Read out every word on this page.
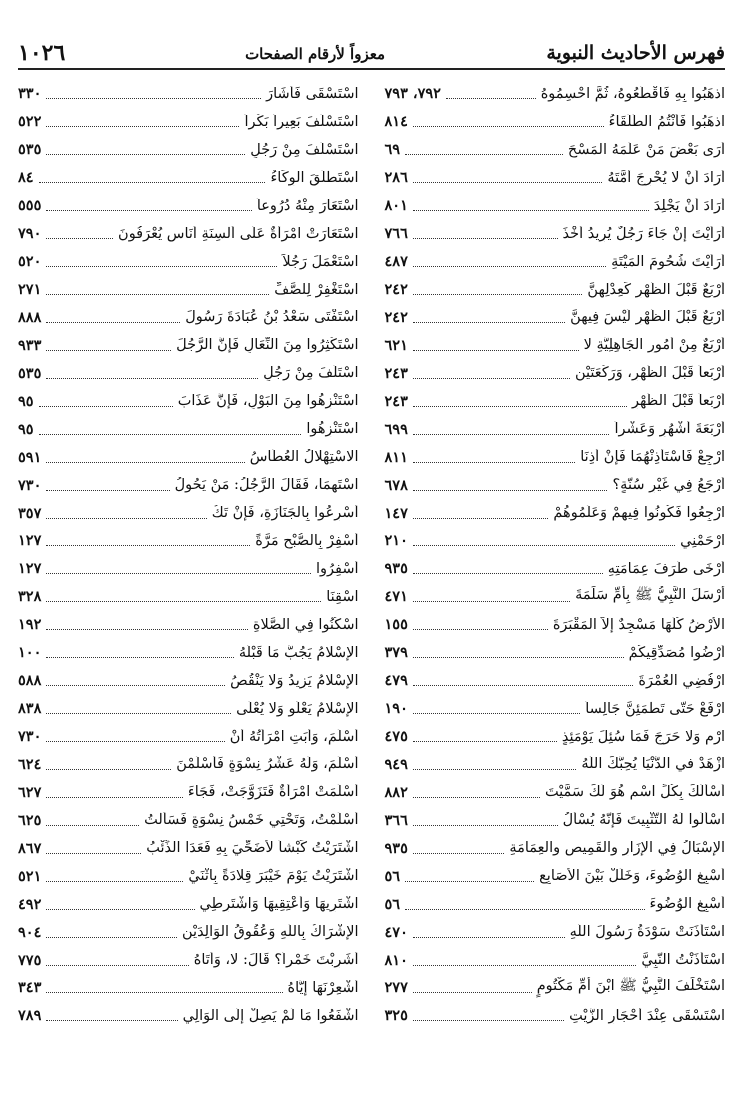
فهرس الأحاديث النبوية
معزواً لأرقام الصفحات
١٠٢٦
اذهَبُوا بِهِ فَاقْطَعُوهُ، ثُمَّ احْسِمُوهُ
٧٩٢، ٧٩٣
اذهَبُوا فَأَنْتُمُ الطُّلَقَاءُ
٨١٤
أرَى بَعْضَ مَنْ عَلَّمَهُ المَسْحَ
٦٩
أرَادَ أنْ لا يُحْرِجَ أُمَّتَهُ
٢٨٦
أرَادَ أنْ يَجْلِدَ
٨٠١
أرَأيْتَ إنْ جَاءَ رَجُلٌ يُرِيدُ أَخْذَ
٧٦٦
أرَأيْتَ شُحُومَ المَيْتَةِ
٤٨٧
أرْبَعٌ قَبْلَ الظُّهْرِ كَعِدْلِهِنَّ
٢٤٢
أرْبَعٌ قَبْلَ الظُّهْرِ لَيْسَ فِيهِنَّ
٢٤٢
أرْبَعٌ مِنْ أُمُورِ الجَاهِلِيَّةِ لا
٦٢١
أرْبَعاً قَبْلَ الظُّهْرِ، وَرَكْعَتَيْنِ
٢٤٣
أرْبَعاً قَبْلَ الظُّهْرِ
٢٤٣
أرْبَعَةَ أشْهُرٍ وَعَشْراً
٦٩٩
ارْجِعْ فَاسْتَأْذِنْهُمَا فَإنْ أذِنَا
٨١١
أرْجَعُ فِي غَيْرِ سُنَّةٍ؟
٦٧٨
ارْجِعُوا فَكُونُوا فِيهِمْ وَعَلِّمُوهُمْ
١٤٧
ارْحَمْنِي
٢١٠
أرْخَى طَرَفَ عِمَامَتِهِ
٩٣٥
أرْسَلَ النَّبِيُّ ﷺ بِأُمِّ سَلَمَةَ
٤٧١
الأرْضُ كُلُّهَا مَسْجِدٌ إلاَّ المَقْبَرَةَ
١٥٥
أرْضُوا مُصَدِّقِيكُمْ
٣٧٩
ارْفُضِي العُمْرَةَ
٤٧٩
ارْفَعْ حَتَّى تَطْمَئِنَّ جَالِساً
١٩٠
ارْمِ وَلا حَرَجَ فَمَا سُئِلَ يَوْمَئِذٍ
٤٧٥
ازْهَدْ في الدُّنْيَا يُحِبَّكَ اللَّهُ
٩٤٩
أسْأَلُكَ بِكُلِّ اسْمٍ هُوَ لَكَ سَمَّيْتَ
٨٨٢
اسْأَلُوا لَهُ التَّثْبِيتَ فَإنَّهُ يُسْأَلُ
٣٦٦
الإسْبَالُ فِي الإزَارِ والقَمِيصِ والعِمَامَةِ
٩٣٥
أسْبِغِ الوُضُوءَ، وَخَلِّلْ بَيْنَ الأصَابِعِ
٥٦
أسْبِغِ الوُضُوءَ
٥٦
اسْتَأْذَنَتْ سَوْدَةُ رَسُولَ اللَّهِ
٤٧٠
اسْتَأْذَنْتُ النَّبِيَّ
٨١٠
اسْتَخْلَفَ النَّبِيُّ ﷺ ابْنَ أُمِّ مَكْتُومٍ
٢٧٧
اسْتَسْقَى عِنْدَ أحْجَارِ الزَّيْتِ
٣٢٥
اسْتَسْقَى فَأشَارَ
٣٣٠
اسْتَسْلَفَ بَعِيراً بَكْراً
٥٢٢
اسْتَسْلَفَ مِنْ رَجُلٍ
٥٣٥
اسْتَطْلَقَ الوِكَاءُ
٨٤
اسْتَعَارَ مِنْهُ دُرُوعاً
٥٥٥
اسْتَعَارَتْ امْرَأَةٌ عَلَى أَلْسِنَةِ أُنَاسٍ يُعْرَفُونَ
٧٩٠
اسْتَعْمَلَ رَجُلاً
٥٢٠
اسْتَغْفِرْ لِلصَّفِّ
٢٧١
اسْتَفْتَى سَعْدُ بْنُ عُبَادَةَ رَسُولَ
٨٨٨
اسْتَكْثِرُوا مِنَ النِّعَالِ فَإنَّ الرَّجُلَ
٩٣٣
اسْتَلَفَ مِنْ رَجُلٍ
٥٣٥
اسْتَنْزِهُوا مِنَ البَوْلِ، فَإنَّ عَذَابَ
٩٥
اسْتَنْزِهُوا
٩٥
الاسْتِهْلالُ العُطَاسُ
٥٩١
اسْتَهِمَا، فَقَالَ الرَّجُلُ: مَنْ يَحُولُ
٧٣٠
أسْرِعُوا بِالجَنَازَةِ، فَإنْ تَكُ
٣٥٧
أسْفِرْ بِالصُّبْحِ مَرَّةً
١٢٧
أسْفِرُوا
١٢٧
اسْقِنَا
٣٢٨
اسْكُنُوا فِي الصَّلاةِ
١٩٢
الإسْلامُ يَجُبُّ مَا قَبْلَهُ
١٠٠
الإسْلامُ يَزِيدُ وَلا يَنْقُصُ
٥٨٨
الإسْلامُ يَعْلُو وَلا يُعْلَى
٨٣٨
أسْلَمَ، وَأبَتِ امْرَأَتُهُ أنْ
٧٣٠
أسْلَمَ، وَلَهُ عَشْرُ نِسْوَةٍ فَأسْلَمْنَ
٦٢٤
أسْلَمَتْ امْرَأَةٌ فَتَزَوَّجَتْ، فَجَاءَ
٦٢٧
أسْلَمْتُ، وَتَحْتِي خَمْسُ نِسْوَةٍ فَسَأَلْتُ
٦٢٥
اشْتَرَيْتُ كَبْشاً لأُضَحِّيَ بِهِ فَعَدَا الذِّئْبُ
٨٦٧
اشْتَرَيْتُ يَوْمَ خَيْبَرَ قِلادَةً بِاثْنَيْ
٥٢١
اشْتَرِيهَا وَأعْتِقِيهَا وَاشْتَرِطِي
٤٩٢
الإشْرَاكُ بِاللَّهِ وَعُقُوقُ الوَالِدَيْنِ
٩٠٤
أشَرِبْتَ خَمْراً؟ قَالَ: لا، وَأتَاهُ
٧٧٥
أشْعِرْنَهَا إيَّاهُ
٣٤٣
اشْفَعُوا مَا لَمْ يَصِلْ إلَى الوَالِي
٧٨٩
